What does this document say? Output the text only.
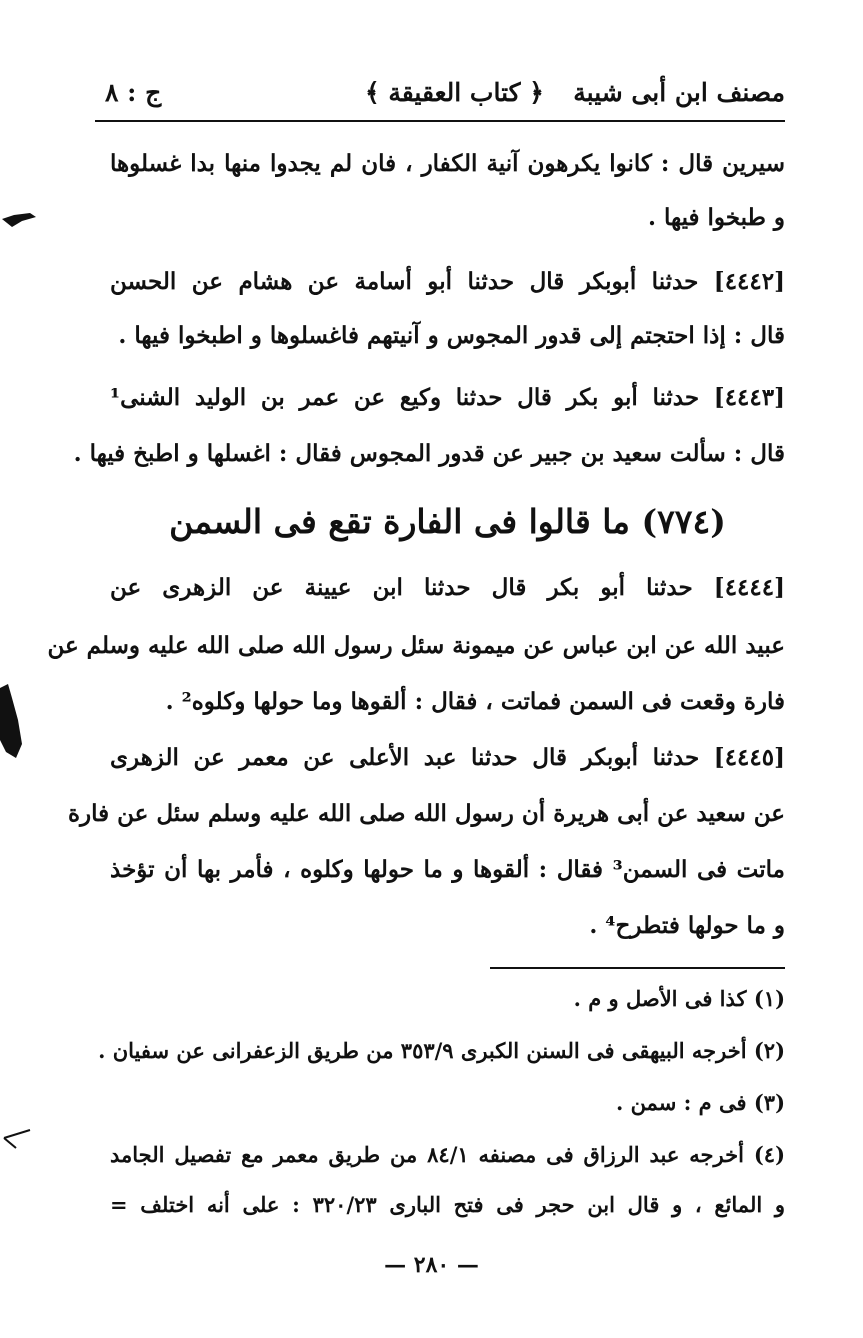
مصنف ابن أبى شيبة
﴿ كتاب العقيقة ﴾
ج : ٨
سيرين قال : كانوا يكرهون آنية الكفار ، فان لم يجدوا منها بدا غسلوها
و طبخوا فيها .
[٤٤٤٢] حدثنا أبوبكر قال حدثنا أبو أسامة عن هشام عن الحسن
قال : إذا احتجتم إلى قدور المجوس و آنيتهم فاغسلوها و اطبخوا فيها .
[٤٤٤٣] حدثنا أبو بكر قال حدثنا وكيع عن عمر بن الوليد الشنى¹
قال : سألت سعيد بن جبير عن قدور المجوس فقال : اغسلها و اطبخ فيها .
(٧٧٤) ما قالوا فى الفارة تقع فى السمن
[٤٤٤٤] حدثنا أبو بكر قال حدثنا ابن عيينة عن الزهرى عن
عبيد الله عن ابن عباس عن ميمونة سئل رسول الله صلى الله عليه وسلم عن
فارة وقعت فى السمن فماتت ، فقال : ألقوها وما حولها وكلوه² .
[٤٤٤٥] حدثنا أبوبكر قال حدثنا عبد الأعلى عن معمر عن الزهرى
عن سعيد عن أبى هريرة أن رسول الله صلى الله عليه وسلم سئل عن فارة
ماتت فى السمن³ فقال : ألقوها و ما حولها وكلوه ، فأمر بها أن تؤخذ
و ما حولها فتطرح⁴ .
(١) كذا فى الأصل و م .
(٢) أخرجه البيهقى فى السنن الكبرى ٣٥٣/٩ من طريق الزعفرانى عن سفيان .
(٣) فى م : سمن .
(٤) أخرجه عبد الرزاق فى مصنفه ٨٤/١ من طريق معمر مع تفصيل الجامد
و المائع ، و قال ابن حجر فى فتح البارى ٣٢٠/٢٣ : على أنه اختلف =
— ٢٨٠ —
